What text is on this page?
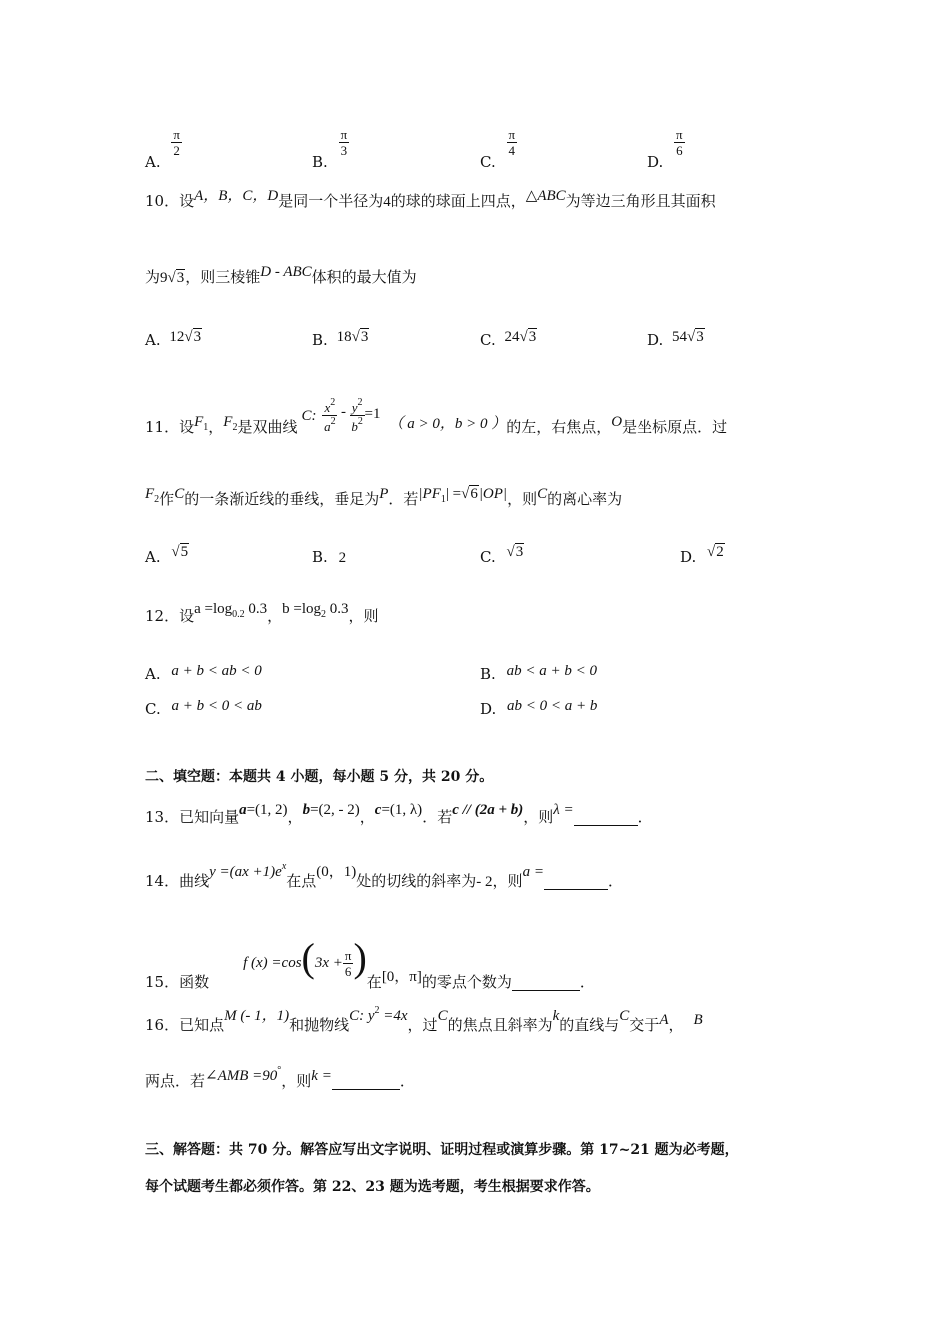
A.
$\frac{\pi}{2}$
B.
$\frac{\pi}{3}$
C.
$\frac{\pi}{4}$
D.
$\frac{\pi}{6}$
10．设A，B，C，D是同一个半径为4的球的球面上四点，△ABC为等边三角形且其面积
为9 √ 3，则三棱锥D - ABC体积的最大值为
A. 12 √ 3	B. 18 √ 3	C. 24 √ 3	D. 54 √ 3
11．设$F_1$，$F_2$是双曲线C: $\frac{x^2}{a^2} - \frac{y^2}{b^2} =1$（ a > 0，b > 0 ）的左，右焦点，O是坐标原点．过
$F_2$作C的一条渐近线的垂线，垂足为P．若$|PF_1|$ = √ 6|OP|，则C的离心率为
A. √ 5	B. 2	C. √ 3	D. √ 2
12．设$a =\log_{0.2}$ 0.3，$b =\log_2$ 0.3，则
A. a + b < ab < 0	B. ab < a + b < 0
C. a + b < 0 < ab	D. ab < 0 < a + b
二、填空题：本题共 4 小题，每小题 5 分，共 20 分。
13．已知向量a=(1, 2)，b=(2, - 2)，c=(1, λ)．若c // (2a + b)，则λ =	．
14．曲线$y =(ax +1)e^x$在点(0，1)处的切线的斜率为- 2，则a =	．
15．函数f $(x) =\cos(3x + \frac{\pi}{6}$ )在[0，π]的零点个数为	．
16．已知点M (- 1，1)和抛物线C: $y^2 =4x$，过C的焦点且斜率为k的直线与C交于A， B
两点．若∠AMB =90°，则k =	．
三、解答题：共 70 分。解答应写出文字说明、证明过程或演算步骤。第 17~21 题为必考题，
每个试题考生都必须作答。第 22、23 题为选考题，考生根据要求作答。
